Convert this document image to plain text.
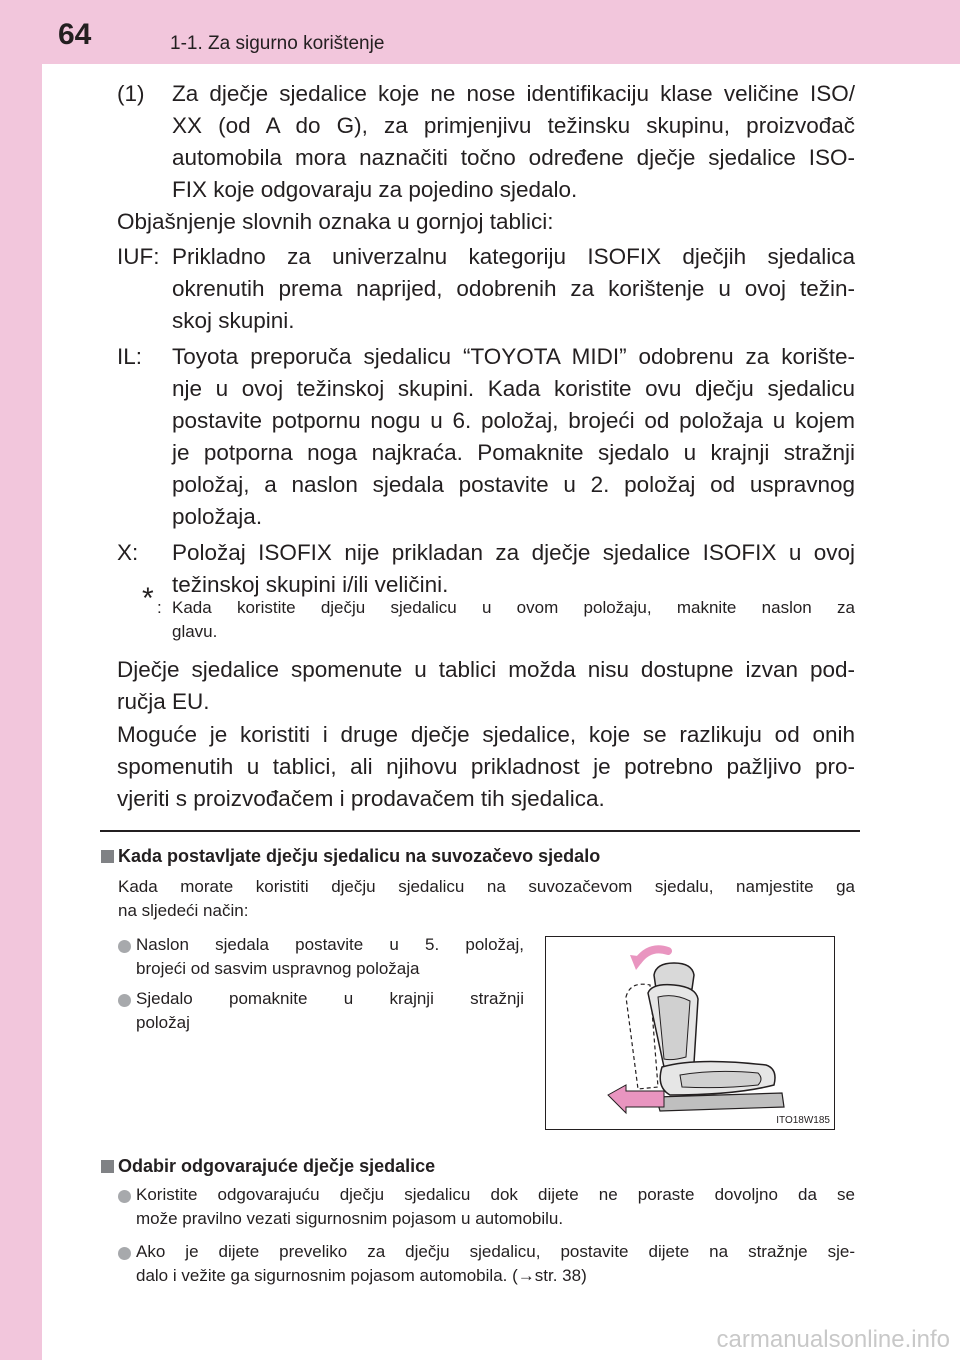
64	1-1. Za sigurno korištenje
(1) Za dječje sjedalice koje ne nose identifikaciju klase veličine ISO/
XX (od A do G), za primjenjivu težinsku skupinu, proizvođač
automobila mora naznačiti točno određene dječje sjedalice ISO-
FIX koje odgovaraju za pojedino sjedalo.
Objašnjenje slovnih oznaka u gornjoj tablici:
IUF: Prikladno za univerzalnu kategoriju ISOFIX dječjih sjedalica
okrenutih prema naprijed, odobrenih za korištenje u ovoj težin-
skoj skupini.
IL: Toyota preporuča sjedalicu “TOYOTA MIDI” odobrenu za korište-
nje u ovoj težinskoj skupini. Kada koristite ovu dječju sjedalicu
postavite potpornu nogu u 6. položaj, brojeći od položaja u kojem
je potporna noga najkraća. Pomaknite sjedalo u krajnji stražnji
položaj, a naslon sjedala postavite u 2. položaj od uspravnog
položaja.
X: Položaj ISOFIX nije prikladan za dječje sjedalice ISOFIX u ovoj
težinskoj skupini i/ili veličini.
* : Kada koristite dječju sjedalicu u ovom položaju, maknite naslon za
glavu.
Dječje sjedalice spomenute u tablici možda nisu dostupne izvan pod-
ručja EU.
Moguće je koristiti i druge dječje sjedalice, koje se razlikuju od onih
spomenutih u tablici, ali njihovu prikladnost je potrebno pažljivo pro-
vjeriti s proizvođačem i prodavačem tih sjedalica.
Kada postavljate dječju sjedalicu na suvozačevo sjedalo
Kada morate koristiti dječju sjedalicu na suvozačevom sjedalu, namjestite ga
na sljedeći način:
Naslon sjedala postavite u 5. položaj,
brojeći od sasvim uspravnog položaja
Sjedalo pomaknite u krajnji stražnji
položaj
ITO18W185
Odabir odgovarajuće dječje sjedalice
Koristite odgovarajuću dječju sjedalicu dok dijete ne poraste dovoljno da se
može pravilno vezati sigurnosnim pojasom u automobilu.
Ako je dijete preveliko za dječju sjedalicu, postavite dijete na stražnje sje-
dalo i vežite ga sigurnosnim pojasom automobila. (→str. 38)
carmanualsonline.info
